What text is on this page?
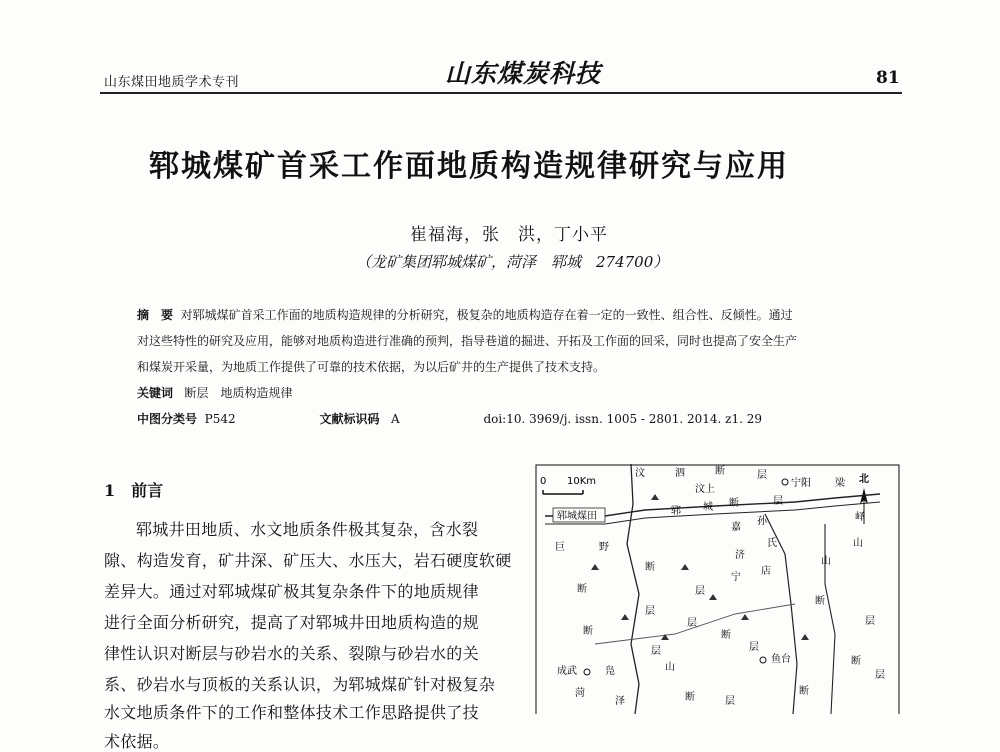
山东煤田地质学术专刊	山东煤炭科技	81
郓城煤矿首采工作面地质构造规律研究与应用
崔福海，张　洪，丁小平
（龙矿集团郓城煤矿，菏泽　郓城　274700）
摘　要 对郓城煤矿首采工作面的地质构造规律的分析研究，极复杂的地质构造存在着一定的一致性、组合性、反倾性。通过
对这些特性的研究及应用，能够对地质构造进行准确的预判，指导巷道的掘进、开拓及工作面的回采，同时也提高了安全生产
和煤炭开采量，为地质工作提供了可靠的技术依据，为以后矿井的生产提供了技术支持。
关键词 断层　地质构造规律
中图分类号 P542	文献标识码 A	doi:10. 3969/j. issn. 1005 - 2801. 2014. z1. 29
1　前言
郓城井田地质、水文地质条件极其复杂，含水裂
隙、构造发育，矿井深、矿压大、水压大，岩石硬度软硬
差异大。通过对郓城煤矿极其复杂条件下的地质规律
进行全面分析研究，提高了对郓城井田地质构造的规
律性认识对断层与砂岩水的关系、裂隙与砂岩水的关
系、砂岩水与顶板的关系认识，为郓城煤矿针对极复杂
水文地质条件下的工作和整体技术工作思路提供了技
术依据。
0 10Km	北
郓城煤田
汶	泗	断	层
汶上
宁阳
郓 城 断	层
嘉
孙
氏
峄
山
济
宁
店
断	层
断
层
断
层
凫	山
鱼台
成武
断
层
断
层
断	层
巨	野
菏
泽
梁
山
断
层
断
层
